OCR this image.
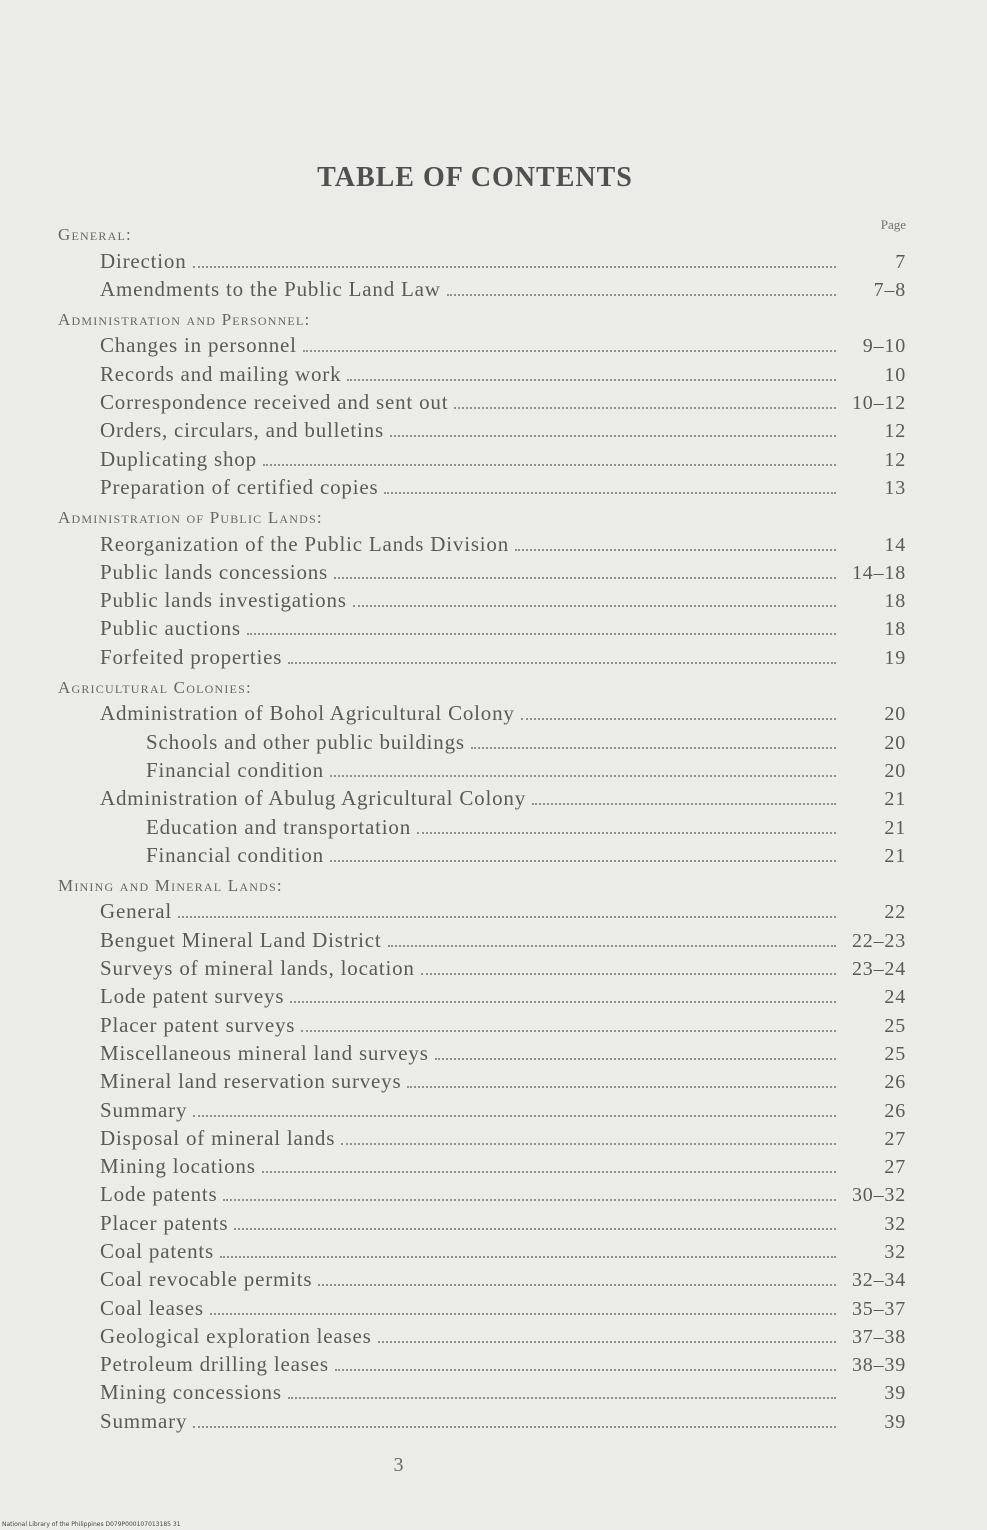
TABLE OF CONTENTS
Page
General:
Direction	7
Amendments to the Public Land Law	7–8
Administration and Personnel:
Changes in personnel	9–10
Records and mailing work	10
Correspondence received and sent out	10–12
Orders, circulars, and bulletins	12
Duplicating shop	12
Preparation of certified copies	13
Administration of Public Lands:
Reorganization of the Public Lands Division	14
Public lands concessions	14–18
Public lands investigations	18
Public auctions	18
Forfeited properties	19
Agricultural Colonies:
Administration of Bohol Agricultural Colony	20
Schools and other public buildings	20
Financial condition	20
Administration of Abulug Agricultural Colony	21
Education and transportation	21
Financial condition	21
Mining and Mineral Lands:
General	22
Benguet Mineral Land District	22–23
Surveys of mineral lands, location	23–24
Lode patent surveys	24
Placer patent surveys	25
Miscellaneous mineral land surveys	25
Mineral land reservation surveys	26
Summary	26
Disposal of mineral lands	27
Mining locations	27
Lode patents	30–32
Placer patents	32
Coal patents	32
Coal revocable permits	32–34
Coal leases	35–37
Geological exploration leases	37–38
Petroleum drilling leases	38–39
Mining concessions	39
Summary	39
3
National Library of the Philippines D079P000107013185 31
